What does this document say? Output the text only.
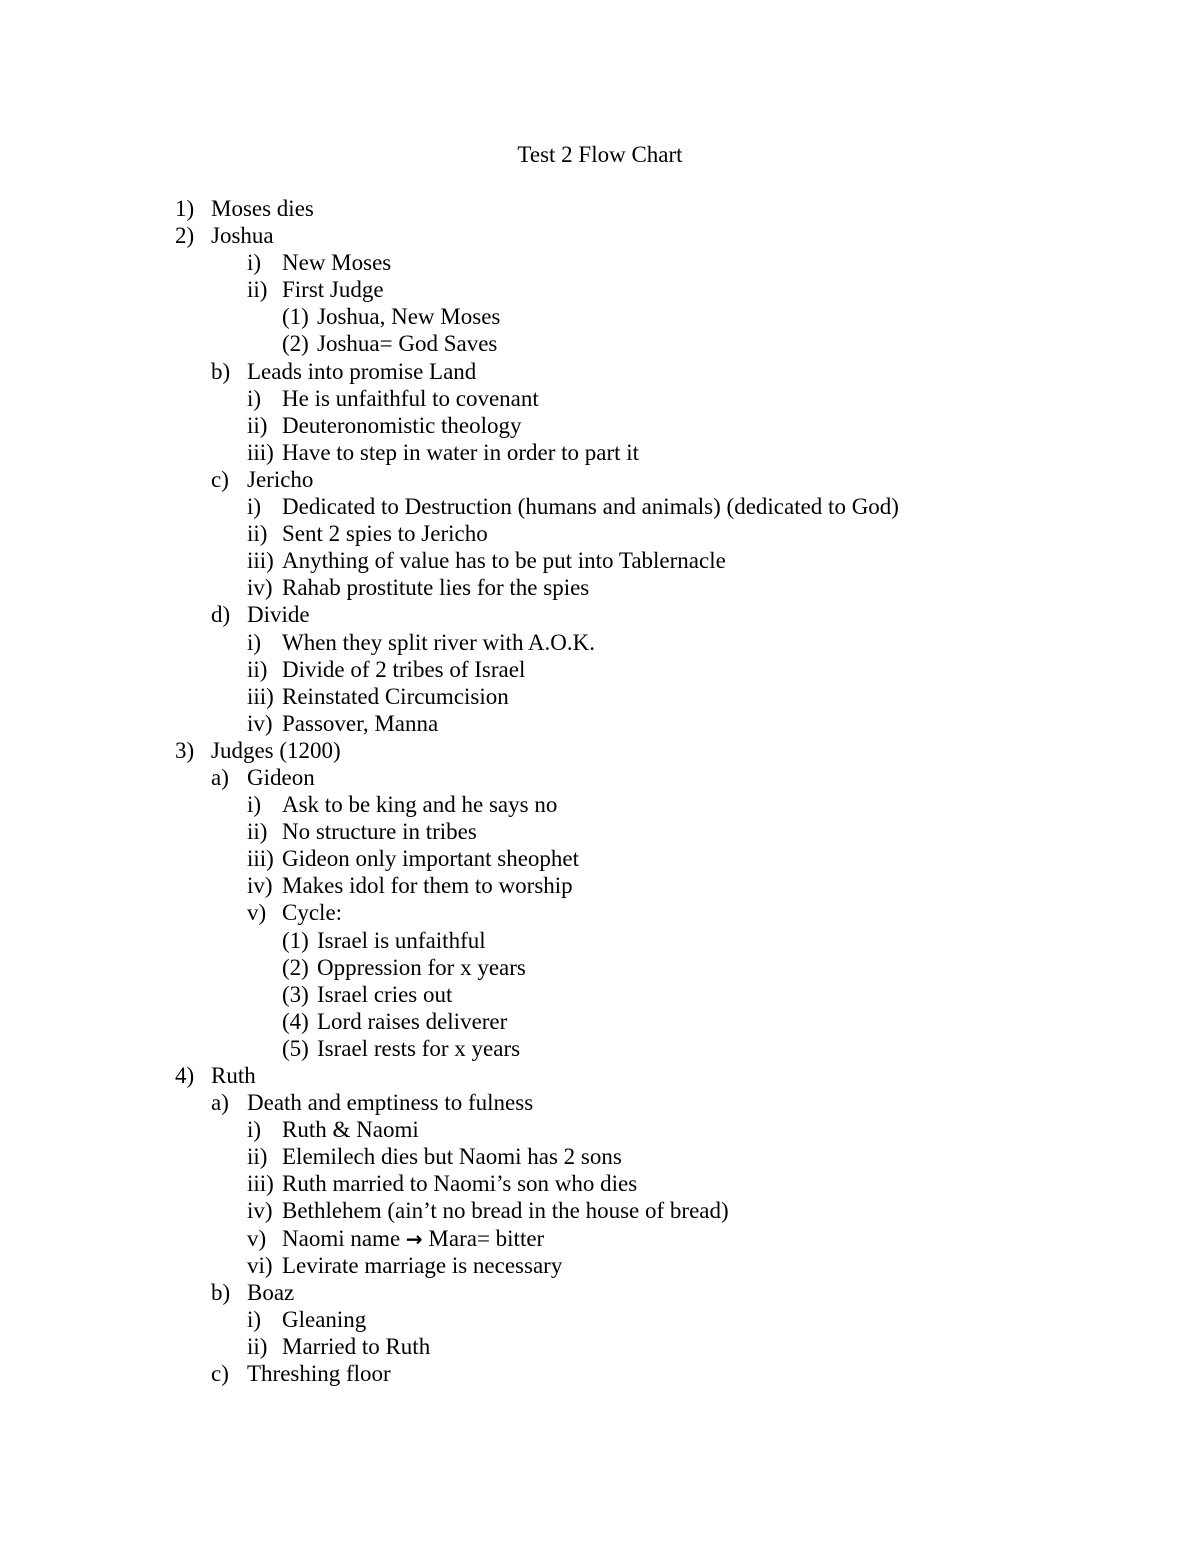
Test 2 Flow Chart
1) Moses dies
2) Joshua
i) New Moses
ii) First Judge
(1) Joshua, New Moses
(2) Joshua= God Saves
b) Leads into promise Land
i) He is unfaithful to covenant
ii) Deuteronomistic theology
iii) Have to step in water in order to part it
c) Jericho
i) Dedicated to Destruction (humans and animals) (dedicated to God)
ii) Sent 2 spies to Jericho
iii) Anything of value has to be put into Tablernacle
iv) Rahab prostitute lies for the spies
d) Divide
i) When they split river with A.O.K.
ii) Divide of 2 tribes of Israel
iii) Reinstated Circumcision
iv) Passover, Manna
3) Judges (1200)
a) Gideon
i) Ask to be king and he says no
ii) No structure in tribes
iii) Gideon only important sheophet
iv) Makes idol for them to worship
v) Cycle:
(1) Israel is unfaithful
(2) Oppression for x years
(3) Israel cries out
(4) Lord raises deliverer
(5) Israel rests for x years
4) Ruth
a) Death and emptiness to fulness
i) Ruth & Naomi
ii) Elemilech dies but Naomi has 2 sons
iii) Ruth married to Naomi’s son who dies
iv) Bethlehem (ain’t no bread in the house of bread)
v) Naomi name → Mara= bitter
vi) Levirate marriage is necessary
b) Boaz
i) Gleaning
ii) Married to Ruth
c) Threshing floor
